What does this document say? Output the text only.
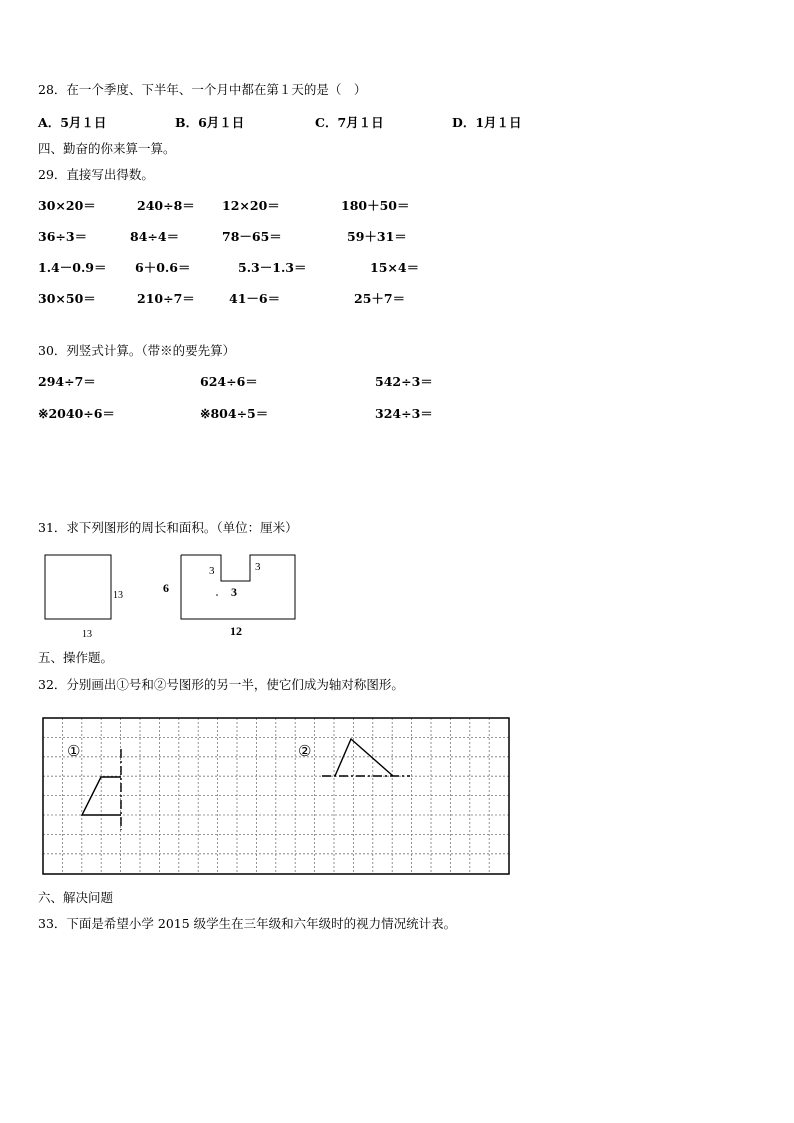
28．在一个季度、下半年、一个月中都在第１天的是（　）
A．5月１日	B．6月１日	C．7月１日	D．1月１日
四、勤奋的你来算一算。
29．直接写出得数。
30×20＝	240÷8＝ 12×20＝	180＋50＝
36÷3＝	84÷4＝	78－65＝	59＋31＝
1.4－0.9＝ 6＋0.6＝	5.3－1.3＝	15×4＝
30×50＝	210÷7＝	41－6＝	25＋7＝
30．列竖式计算。（带※的要先算）
294÷7＝	624÷6＝	542÷3＝
※2040÷6＝	※804÷5＝	324÷3＝
31．求下列图形的周长和面积。（单位：厘米）
13
13
6
3	3
3
12
五、操作题。
32．分别画出①号和②号图形的另一半，使它们成为轴对称图形。
①	②
六、解决问题
33．下面是希望小学 2015 级学生在三年级和六年级时的视力情况统计表。
